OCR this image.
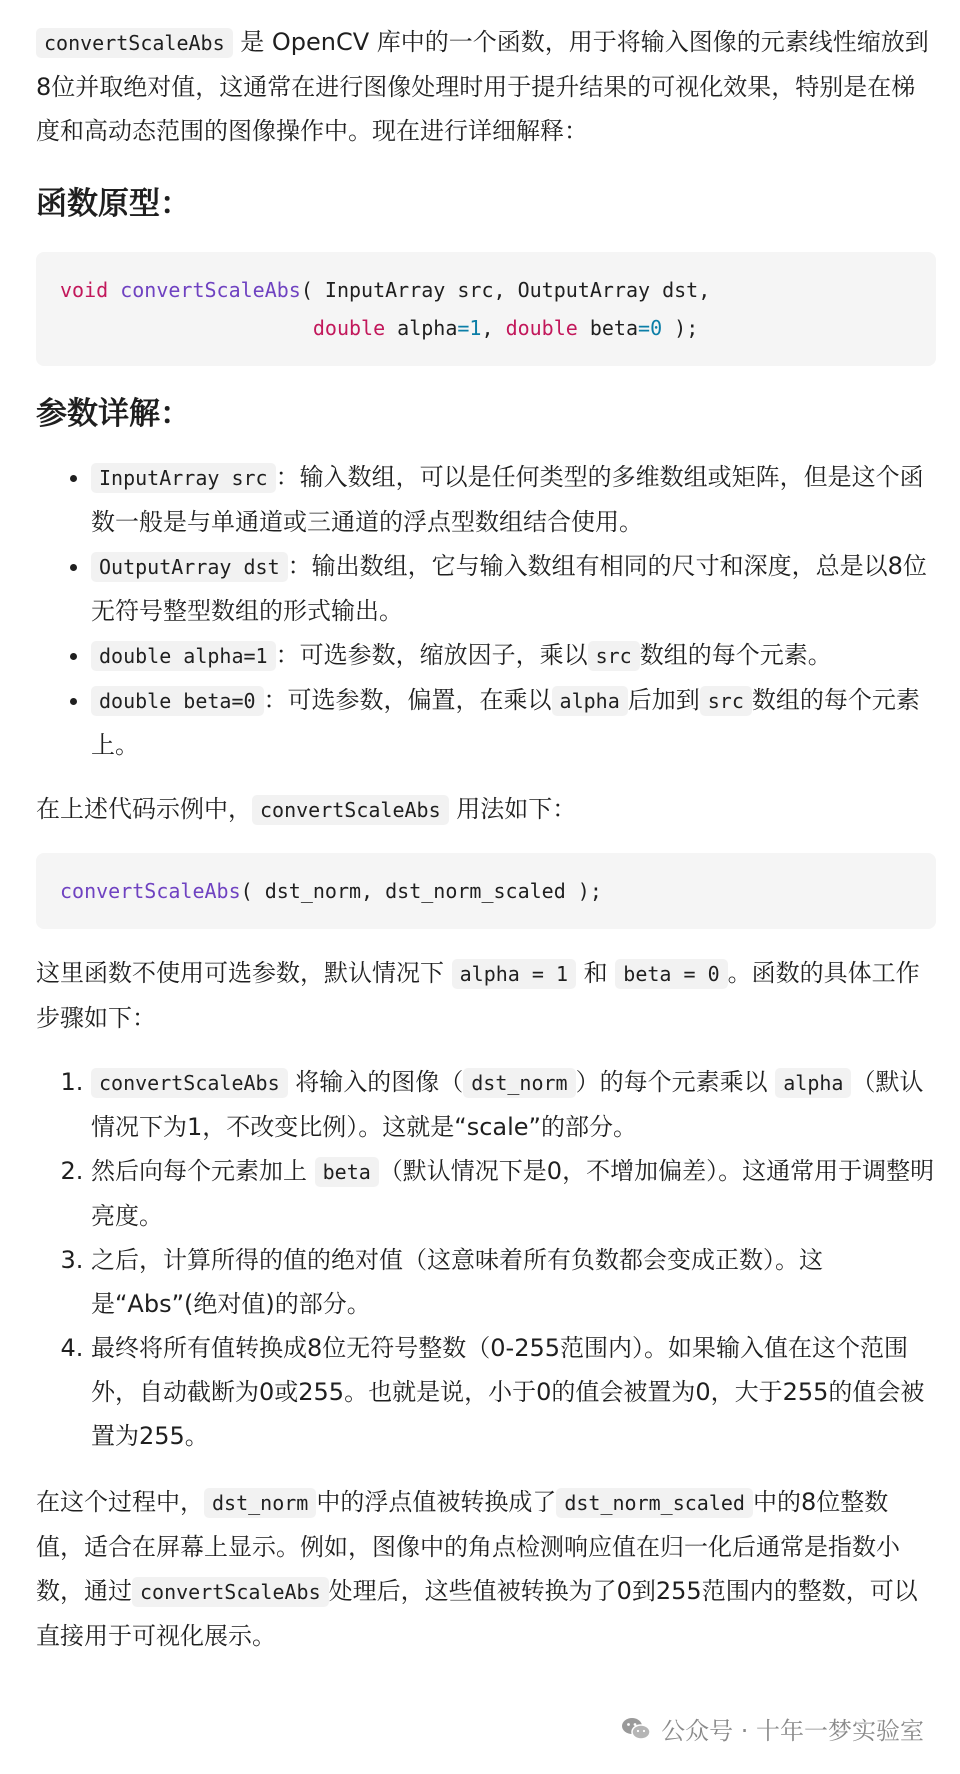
convertScaleAbs 是 OpenCV 库中的一个函数，用于将输入图像的元素线性缩放到8位并取绝对值，这通常在进行图像处理时用于提升结果的可视化效果，特别是在梯度和高动态范围的图像操作中。现在进行详细解释：

函数原型：
void convertScaleAbs( InputArray src, OutputArray dst,
double alpha=1, double beta=0 );
参数详解：
• InputArray src ：输入数组，可以是任何类型的多维数组或矩阵，但是这个函数一般是与单通道或三通道的浮点型数组结合使用。
• OutputArray dst ：输出数组，它与输入数组有相同的尺寸和深度，总是以8位无符号整型数组的形式输出。
• double alpha=1 ：可选参数，缩放因子，乘以 src 数组的每个元素。
• double beta=0 ：可选参数，偏置，在乘以 alpha 后加到 src 数组的每个元素上。

在上述代码示例中， convertScaleAbs 用法如下：

convertScaleAbs( dst_norm, dst_norm_scaled );

这里函数不使用可选参数，默认情况下 alpha = 1 和 beta = 0 。函数的具体工作步骤如下：

1. convertScaleAbs 将输入的图像（ dst_norm ）的每个元素乘以 alpha （默认情况下为1，不改变比例）。这就是“scale”的部分。
2. 然后向每个元素加上 beta （默认情况下是0，不增加偏差）。这通常用于调整明亮度。
3. 之后，计算所得的值的绝对值（这意味着所有负数都会变成正数）。这是“Abs”(绝对值)的部分。
4. 最终将所有值转换成8位无符号整数（0-255范围内）。如果输入值在这个范围外，自动截断为0或255。也就是说，小于0的值会被置为0，大于255的值会被置为255。

在这个过程中， dst_norm 中的浮点值被转换成了 dst_norm_scaled 中的8位整数值，适合在屏幕上显示。例如，图像中的角点检测响应值在归一化后通常是指数小数，通过 convertScaleAbs 处理后，这些值被转换为了0到255范围内的整数，可以直接用于可视化展示。

公众号 · 十年一梦实验室
